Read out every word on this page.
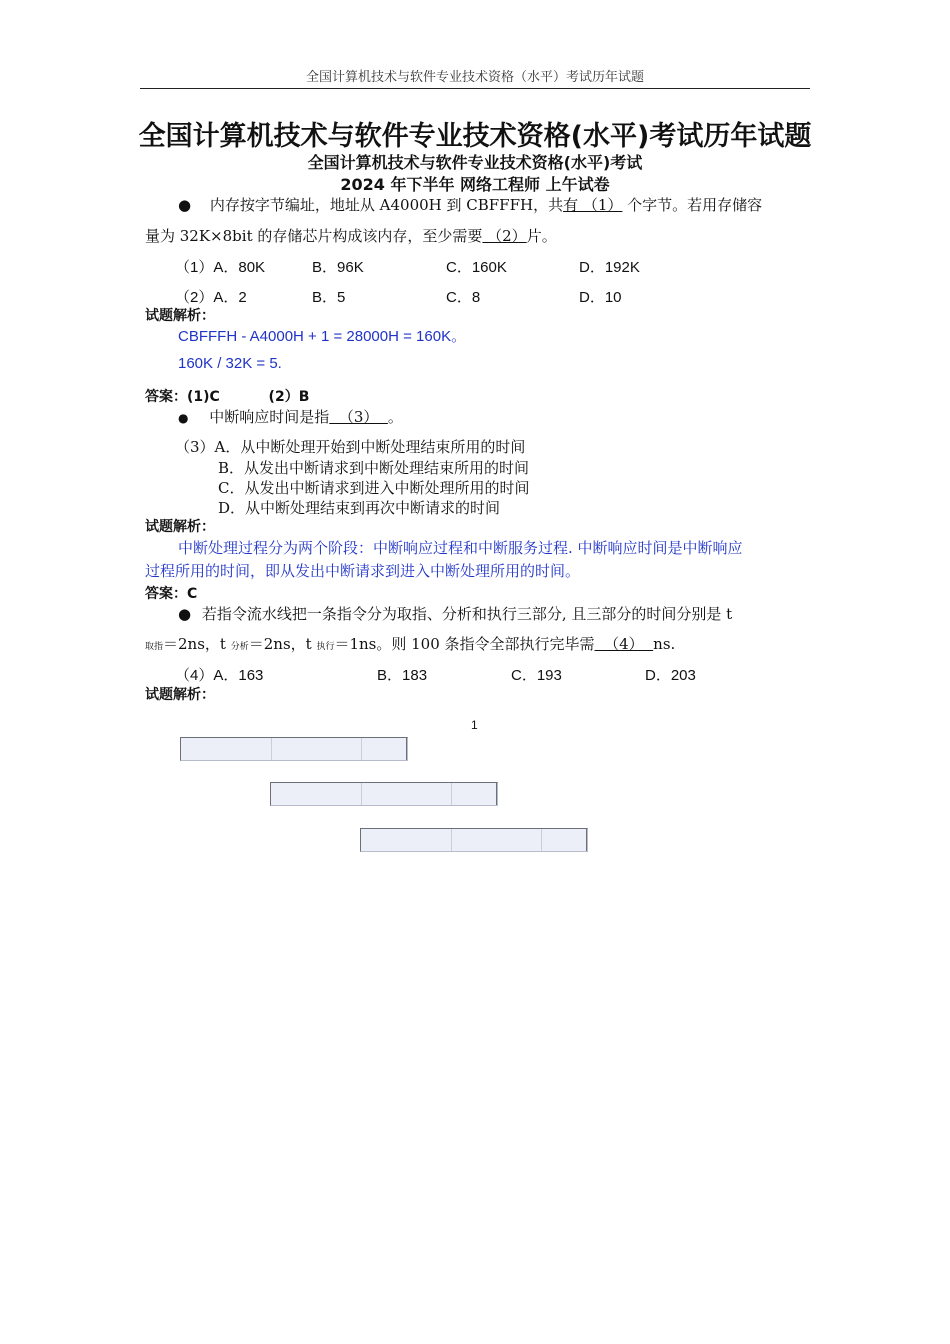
全国计算机技术与软件专业技术资格（水平）考试历年试题
全国计算机技术与软件专业技术资格(水平)考试历年试题
全国计算机技术与软件专业技术资格(水平)考试
2024 年下半年 网络工程师 上午试卷
● 内存按字节编址，地址从 A4000H 到 CBFFFH，共有 （1） 个字节。若用存储容
量为 32K×8bit 的存储芯片构成该内存，至少需要 （2）片。
（1）A．80K	B．96K	C．160K	D．192K
（2）A．2	B．5	C．8	D．10
试题解析：
CBFFFH - A4000H + 1 = 28000H = 160K。
160K / 32K = 5.
答案：(1)C          (2）B
● 中断响应时间是指  （3）  。
（3）A．从中断处理开始到中断处理结束所用的时间
B．从发出中断请求到中断处理结束所用的时间
C．从发出中断请求到进入中断处理所用的时间
D．从中断处理结束到再次中断请求的时间
试题解析：
中断处理过程分为两个阶段：中断响应过程和中断服务过程. 中断响应时间是中断响应
过程所用的时间，即从发出中断请求到进入中断处理所用的时间。
答案：C
● 若指令流水线把一条指令分为取指、分析和执行三部分, 且三部分的时间分别是 t
取指＝2ns，t 分析＝2ns，t 执行＝1ns。则 100 条指令全部执行完毕需  （4）  ns.
（4）A．163	B．183	C．193	D．203
试题解析：
1
